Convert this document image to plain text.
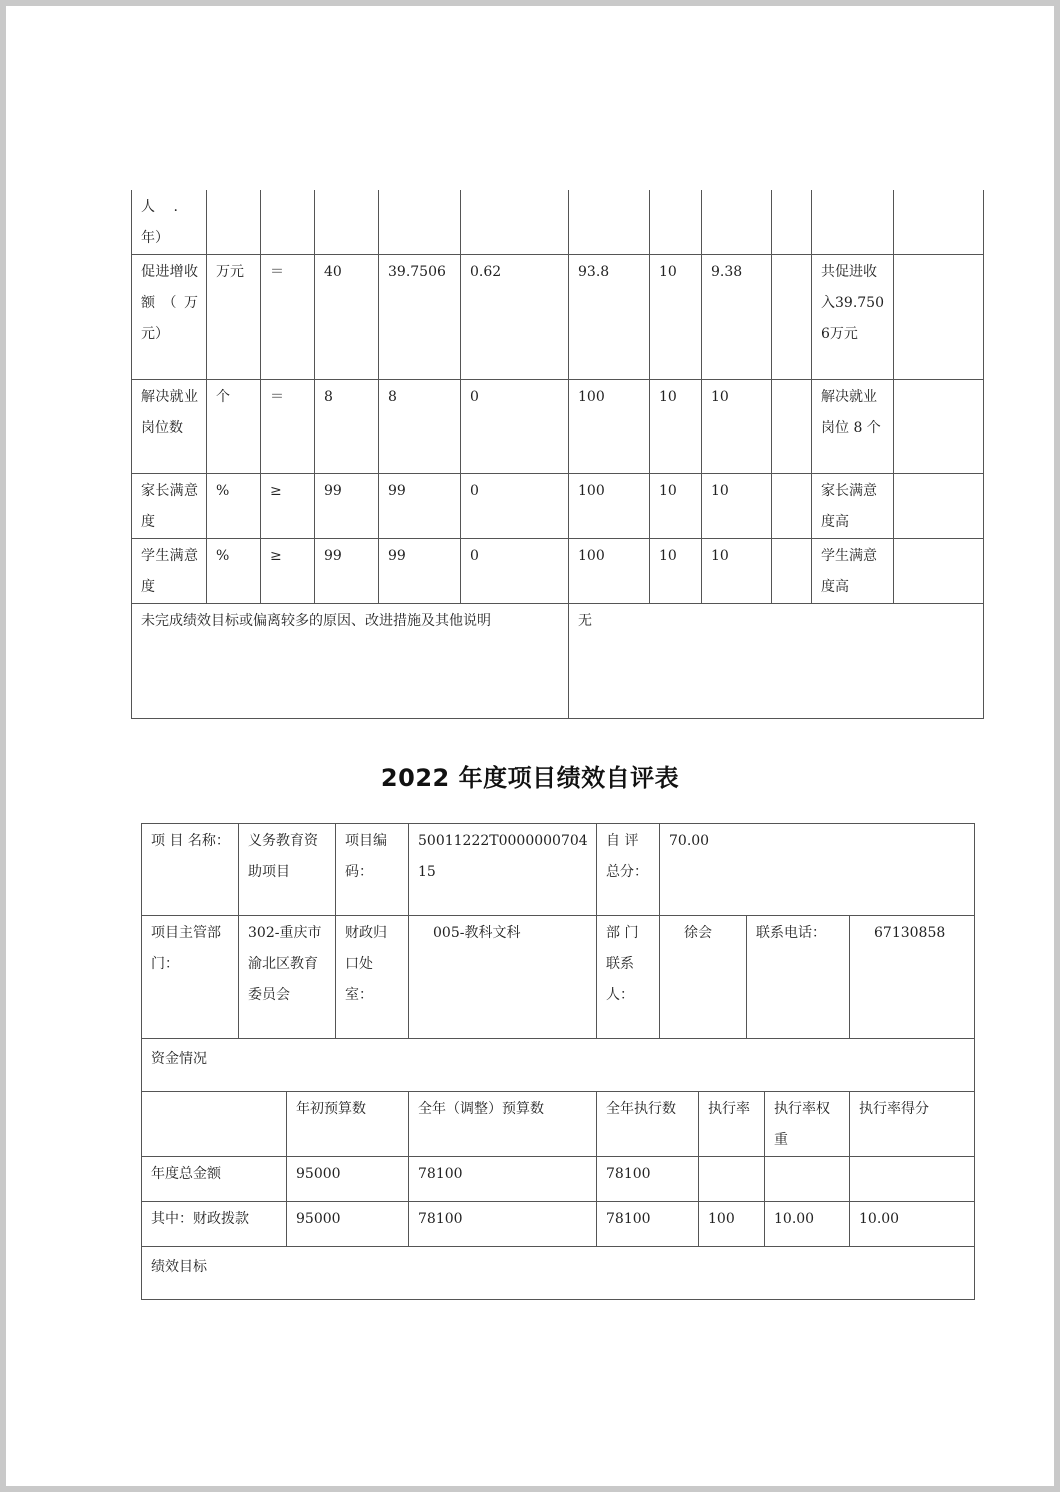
人　 .年）											
促进增收额（万元）	万元	＝	40	39.7506	0.62	93.8	10	9.38		共促进收入39.7506万元	
解决就业岗位数	个	＝	8	8	0	100	10	10		解决就业岗位 8 个	
家长满意度	%	≥	99	99	0	100	10	10		家长满意度高	
学生满意度	%	≥	99	99	0	100	10	10		学生满意度高	
未完成绩效目标或偏离较多的原因、改进措施及其他说明						无					
2022 年度项目绩效自评表
项 目 名称：	义务教育资助项目		项目编码：	50011222T000000070415	自 评总分：	70.00				
项目主管部门：	302-重庆市渝北区教育委员会		财政归口处室：	005-教科文科	部 门联系人：	徐会		联系电话：		67130858
资金情况										
		年初预算数		全年（调整）预算数	全年执行数		执行率		执行率权重	执行率得分
年度总金额		95000		78100	78100					
其中：财政拨款		95000		78100	78100		100		10.00	10.00
绩效目标										
